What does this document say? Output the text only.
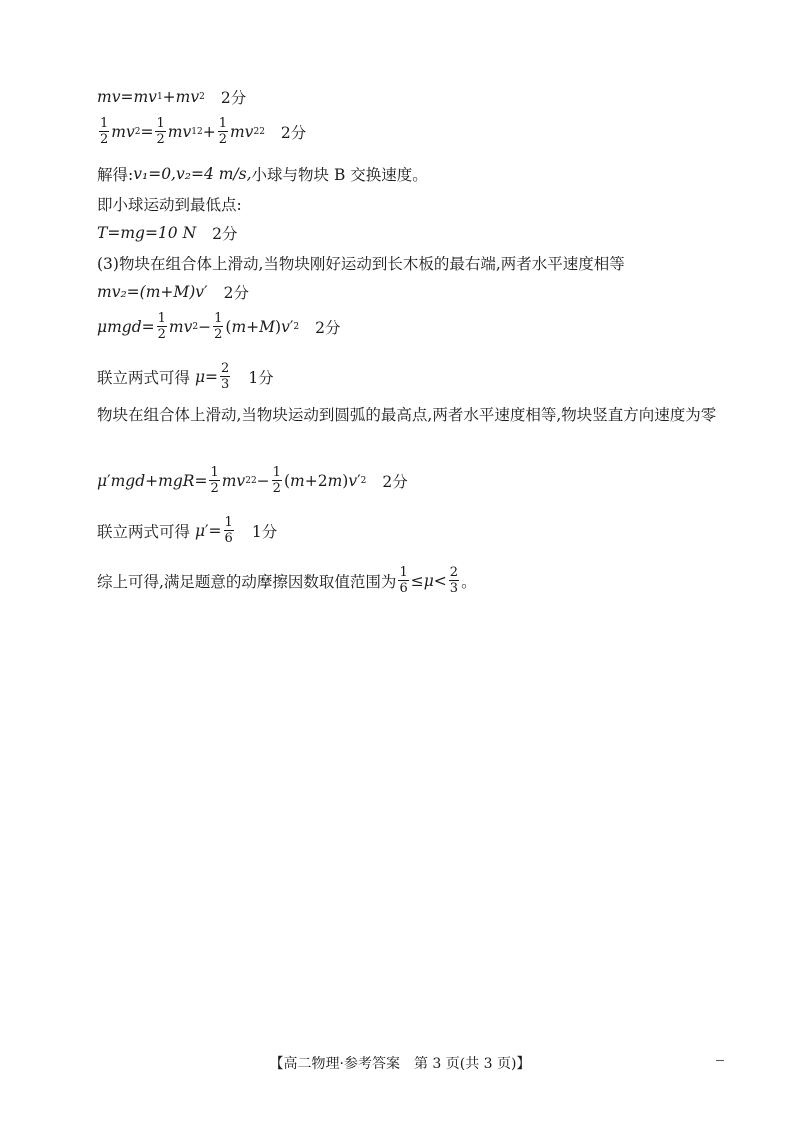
mv = mv 1 + mv 2 2分
$\frac{1}{2}$ mv $2 = \frac{1}{2}$ mv 1 $2 + \frac{1}{2}$ mv 2 2 2分
解得: v₁=0,v₂=4 m/s, 小球与物块 B 交换速度。
即小球运动到最低点:
T=mg=10 N 2分
(3)物块在组合体上滑动,当物块刚好运动到长木板的最右端,两者水平速度相等
mv₂=(m+M)v′ 2分
$\mu mgd = \frac{1}{2}$ mv $2 - \frac{1}{2}$ ( m + M ) v ′ 2 2分
联立两式可得
$\mu = \frac{2}{3} 1$分
物块在组合体上滑动,当物块运动到圆弧的最高点,两者水平速度相等,物块竖直方向速度为零
μ ′ mgd + mgR = $\frac{1}{2}$ mv 2 $2 - \frac{1}{2}$ ( m +2 m ) v ′ 2 2分
联立两式可得
μ ′= $\frac{1}{6} 1$分
综上可得,满足题意的动摩擦因数取值范围为 $\frac{1}{6} \le \mu < \frac{2}{3}$ 。
【高二物理·参考答案　第 3 页(共 3 页)】
